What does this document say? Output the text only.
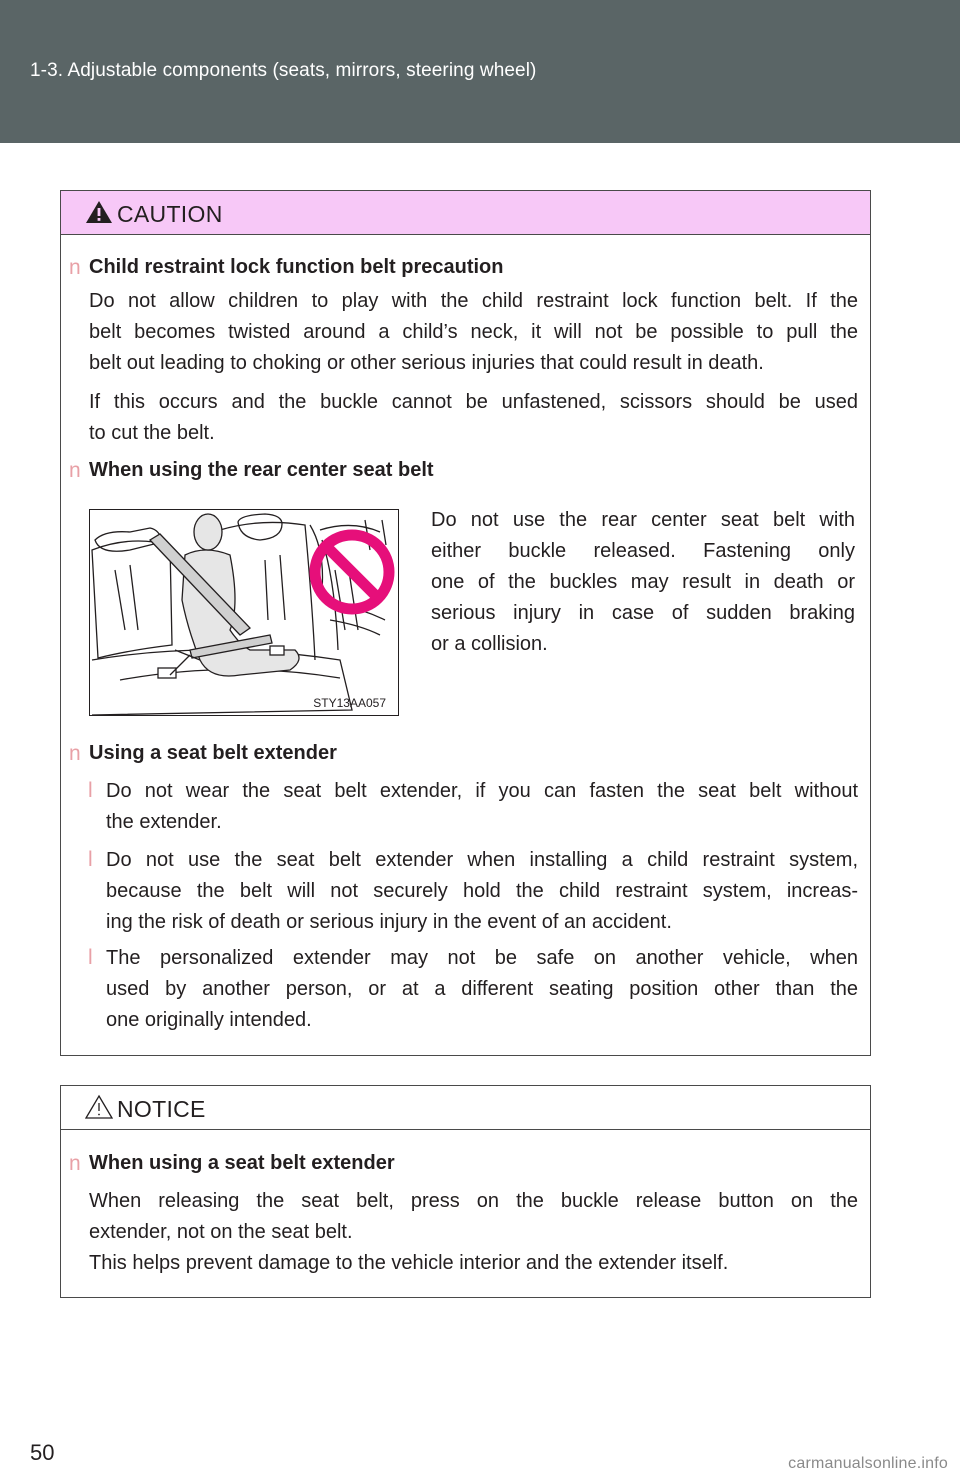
1-3. Adjustable components (seats, mirrors, steering wheel)
CAUTION
n Child restraint lock function belt precaution
Do not allow children to play with the child restraint lock function belt. If the
belt becomes twisted around a child’s neck, it will not be possible to pull the
belt out leading to choking or other serious injuries that could result in death.
If this occurs and the buckle cannot be unfastened, scissors should be used
to cut the belt.
n When using the rear center seat belt
STY13AA057
Do not use the rear center seat belt with
either buckle released. Fastening only
one of the buckles may result in death or
serious injury in case of sudden braking
or a collision.
n Using a seat belt extender
l Do not wear the seat belt extender, if you can fasten the seat belt without
the extender.
l Do not use the seat belt extender when installing a child restraint system,
because the belt will not securely hold the child restraint system, increas-
ing the risk of death or serious injury in the event of an accident.
l The personalized extender may not be safe on another vehicle, when
used by another person, or at a different seating position other than the
one originally intended.
NOTICE
n When using a seat belt extender
When releasing the seat belt, press on the buckle release button on the
extender, not on the seat belt.
This helps prevent damage to the vehicle interior and the extender itself.
50	carmanualsonline.info
